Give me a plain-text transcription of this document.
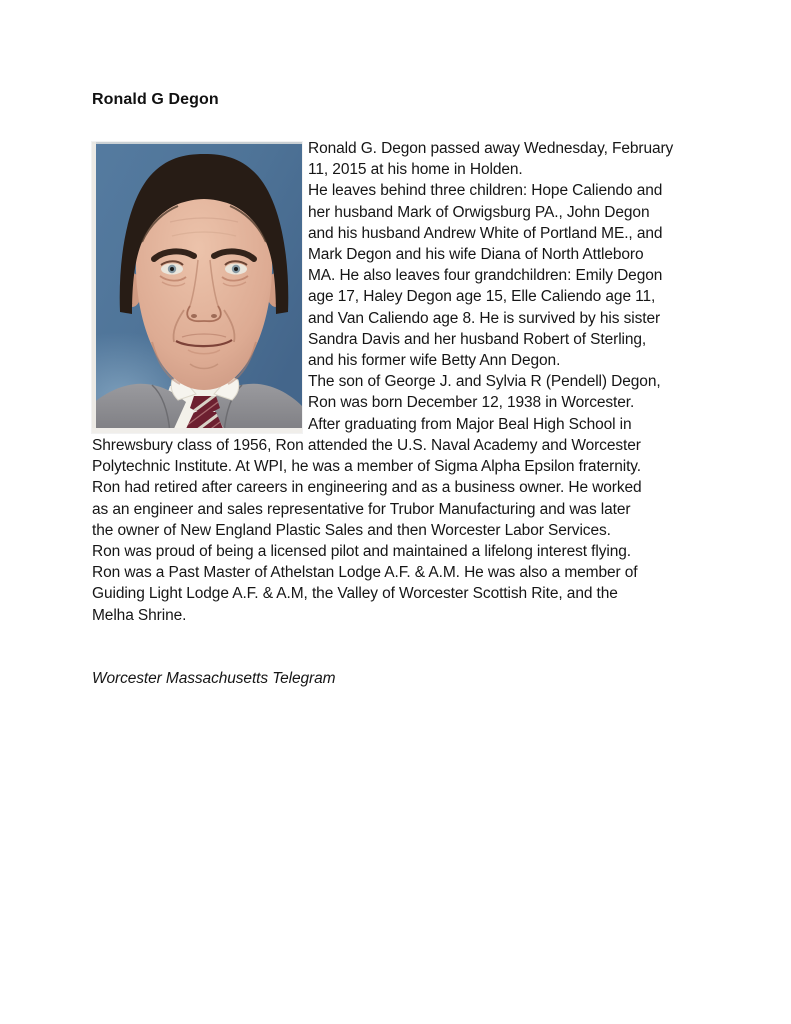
Ronald G Degon
Ronald G. Degon passed away Wednesday, February
11, 2015 at his home in Holden.
He leaves behind three children: Hope Caliendo and
her husband Mark of Orwigsburg PA., John Degon
and his husband Andrew White of Portland ME., and
Mark Degon and his wife Diana of North Attleboro
MA. He also leaves four grandchildren: Emily Degon
age 17, Haley Degon age 15, Elle Caliendo age 11,
and Van Caliendo age 8. He is survived by his sister
Sandra Davis and her husband Robert of Sterling,
and his former wife Betty Ann Degon.
The son of George J. and Sylvia R (Pendell) Degon,
Ron was born December 12, 1938 in Worcester.
After graduating from Major Beal High School in
Shrewsbury class of 1956, Ron attended the U.S. Naval Academy and Worcester
Polytechnic Institute. At WPI, he was a member of Sigma Alpha Epsilon fraternity.
Ron had retired after careers in engineering and as a business owner. He worked
as an engineer and sales representative for Trubor Manufacturing and was later
the owner of New England Plastic Sales and then Worcester Labor Services.
Ron was proud of being a licensed pilot and maintained a lifelong interest flying.
Ron was a Past Master of Athelstan Lodge A.F. & A.M. He was also a member of
Guiding Light Lodge A.F. & A.M, the Valley of Worcester Scottish Rite, and the
Melha Shrine.
Worcester Massachusetts Telegram
